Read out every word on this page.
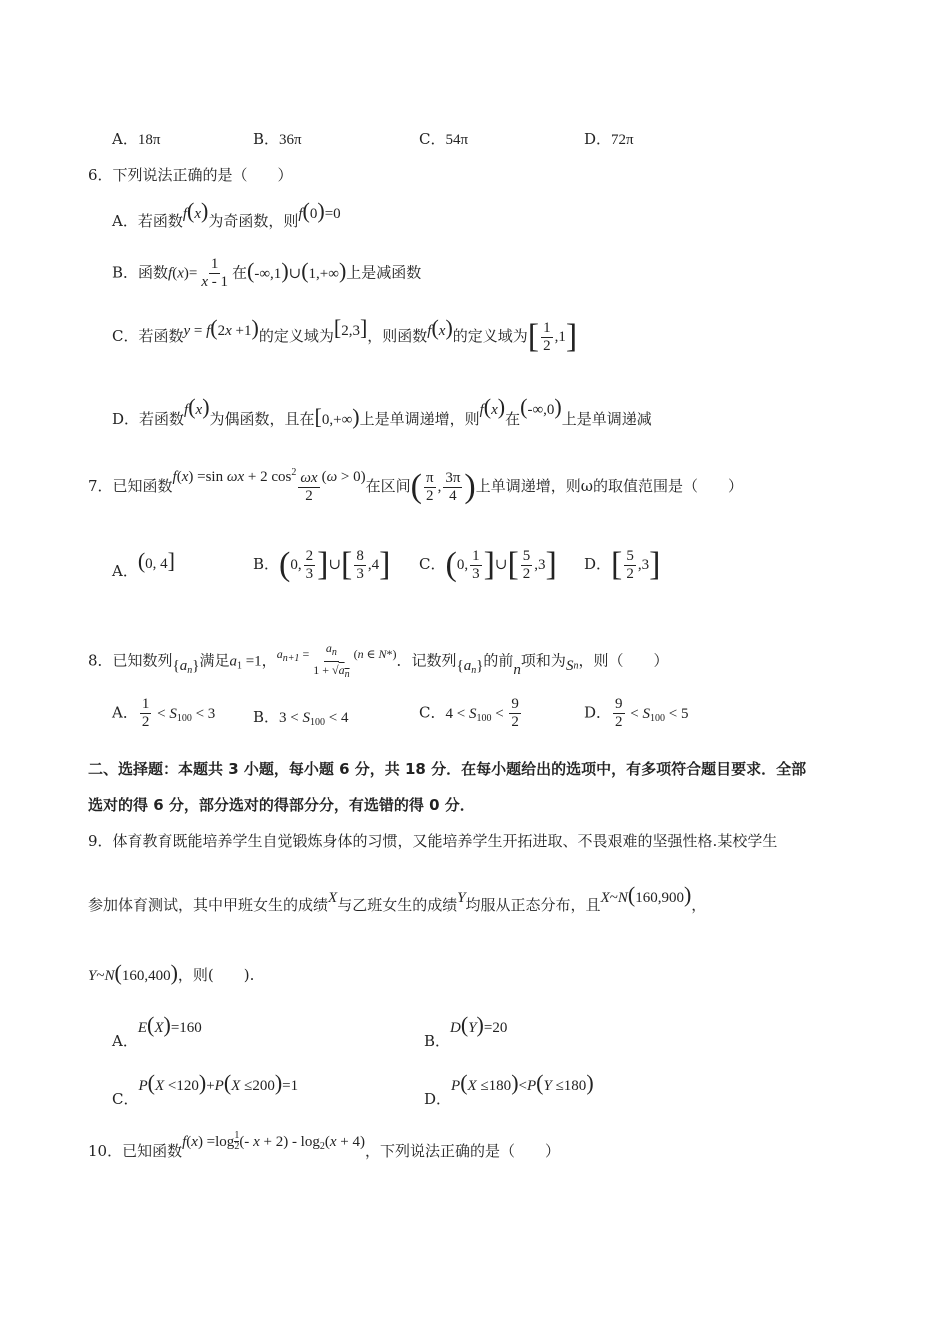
A．18π	B．36π	C．54π	D．72π
6．下列说法正确的是（　　）
A．若函数f(x)为奇函数，则f(0)=0
B．函数$f(x)= \frac{1}{x - 1}$ 在(-∞,1)∪(1,+∞)上是减函数
C．若函数y = f(2x +1)的定义域为[2,3]，则函数f(x)的定义域为[ $\frac{1}{2} ,1$]
D．若函数f(x)为偶函数，且在[0,+∞)上是单调递增，则f(x)在(-∞,0)上是单调递减
7．已知函数f(x) =sin ωx + 2 $\cos^2 \frac{\omega x}{2} (\omega > 0)$在区间( $\frac{\pi}{2}$ , $\frac{3\pi}{4}$ )上单调递增，则ω的取值范围是（　　）
A．(0, 4]	B．(0, $\frac{2}{3}$ ]∪[ $\frac{8}{3} ,4$] C．(0, $\frac{1}{3}$ ]∪[ $\frac{5}{2} ,3$] D．[ $\frac{5}{2} ,3$]
8．已知数列$\{a_n\}$满足$a_1 =1$，$^{a_{n+1}}$ $^= \frac{a_n}{1 + √a_n} ^{(n \in N*)}$．记数列$\{a_n\}$的前n项和为$S_n$，则（　　）
A． $\frac{1}{2} < S_{100} < 3$	B．$3 < S_{100} < 4$	C．$4 < S_{100} < \frac{9}{2}$	D． $\frac{9}{2} < S_{100} < 5$
二、选择题：本题共 3 小题，每小题 6 分，共 18 分．在每小题给出的选项中，有多项符合题目要求．全部
选对的得 6 分，部分选对的得部分分，有选错的得 0 分．
9．体育教育既能培养学生自觉锻炼身体的习惯，又能培养学生开拓进取、不畏艰难的坚强性格.某校学生
参加体育测试，其中甲班女生的成绩X与乙班女生的成绩Y均服从正态分布，且X~N(160,900)，
Y~N(160,400)，则(　　).
A．E(X)=160
B．D(Y)=20
C．P(X <120)+P(X ≤200)=1
D．P(X ≤180)<P(Y ≤180)
10．已知函数$f(x) =\log \frac{1}{2}$ (- $x + 2) - \log_2(x + 4)$，下列说法正确的是（　　）
